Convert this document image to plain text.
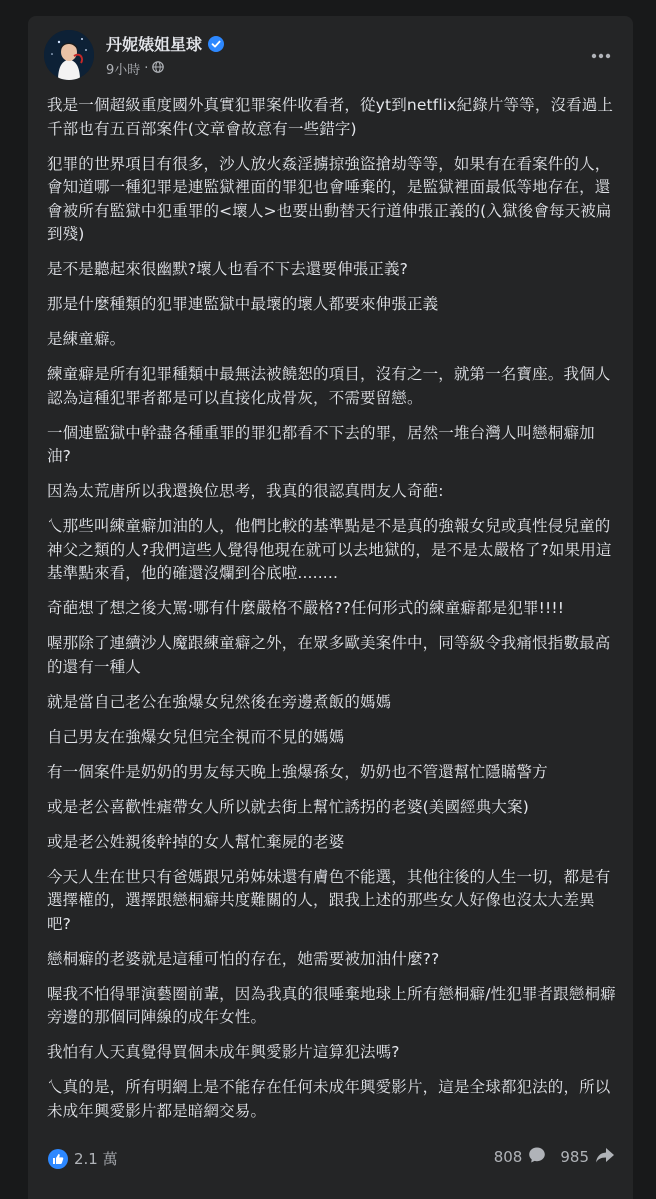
丹妮婊姐星球
9小時 ·

我是一個超級重度國外真實犯罪案件收看者，從yt到netflix紀錄片等等，沒看過上千部也有五百部案件(文章會故意有一些錯字)

犯罪的世界項目有很多，沙人放火姦淫擄掠強盜搶劫等等，如果有在看案件的人，會知道哪一種犯罪是連監獄裡面的罪犯也會唾棄的，是監獄裡面最低等地存在，還會被所有監獄中犯重罪的<壞人>也要出動替天行道伸張正義的(入獄後會每天被扁到殘)

是不是聽起來很幽默?壞人也看不下去還要伸張正義?

那是什麼種類的犯罪連監獄中最壞的壞人都要來伸張正義

是練童癖。

練童癖是所有犯罪種類中最無法被饒恕的項目，沒有之一，就第一名寶座。我個人認為這種犯罪者都是可以直接化成骨灰，不需要留戀。

一個連監獄中幹盡各種重罪的罪犯都看不下去的罪，居然一堆台灣人叫戀桐癖加油?

因為太荒唐所以我還換位思考，我真的很認真問友人奇葩:

乀那些叫練童癖加油的人，他們比較的基準點是不是真的強報女兒或真性侵兒童的神父之類的人?我們這些人覺得他現在就可以去地獄的，是不是太嚴格了?如果用這基準點來看，他的確還沒爛到谷底啦........

奇葩想了想之後大罵:哪有什麼嚴格不嚴格??任何形式的練童癖都是犯罪!!!!

喔那除了連續沙人魔跟練童癖之外，在眾多歐美案件中，同等級令我痛恨指數最高的還有一種人

就是當自己老公在強爆女兒然後在旁邊煮飯的媽媽

自己男友在強爆女兒但完全視而不見的媽媽

有一個案件是奶奶的男友每天晚上強爆孫女，奶奶也不管還幫忙隱瞞警方

或是老公喜歡性瘧帶女人所以就去街上幫忙誘拐的老婆(美國經典大案)

或是老公姓親後幹掉的女人幫忙棄屍的老婆

今天人生在世只有爸媽跟兄弟姊妹還有膚色不能選，其他往後的人生一切，都是有選擇權的，選擇跟戀桐癖共度難關的人，跟我上述的那些女人好像也沒太大差異吧?

戀桐癖的老婆就是這種可怕的存在，她需要被加油什麼??

喔我不怕得罪演藝圈前輩，因為我真的很唾棄地球上所有戀桐癖/性犯罪者跟戀桐癖旁邊的那個同陣線的成年女性。

我怕有人天真覺得買個未成年興愛影片這算犯法嗎?

乀真的是，所有明網上是不能存在任何未成年興愛影片，這是全球都犯法的，所以未成年興愛影片都是暗網交易。

2.1 萬	808	985
